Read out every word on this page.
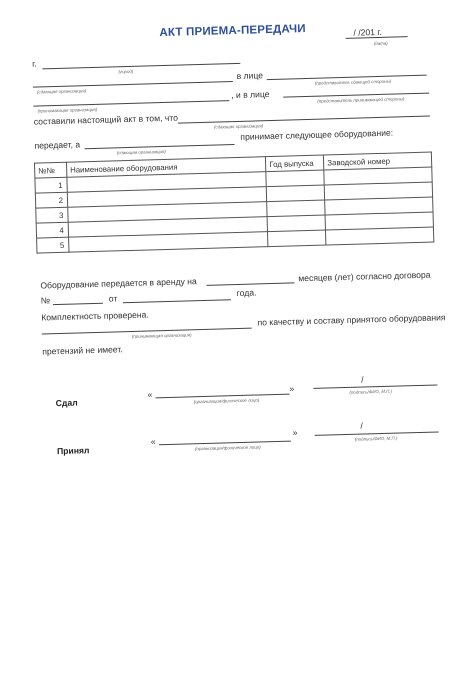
АКТ ПРИЕМА-ПЕРЕДАЧИ	/ /201 г.
(дата)
г.
(город)	в лице
(сдающая организация)
(представитель сдающей стороны)
, и в лице
(принимающая организация)
(представитель принимающей стороны)
составили настоящий акт в том, что	(сдающая организация)
передает, а
принимает следующее оборудование:
(сдающая организация)
№№	Наименование оборудования	Год выпуска	Заводской номер
1			
2			
3			
4			
5			
Оборудование передается в аренду на	месяцев (лет) согласно договора
№	от
года.
Комплектность проверена.	по качеству и составу принятого оборудования
(принимающая организация)
претензий не имеет.
Сдал
«
»
(организация/физическое лицо)
/
(подпись/ФИО, М.П.)
Принял
«
»
(организация/физическое лицо)
/
(подпись/ФИО, М.П.)
